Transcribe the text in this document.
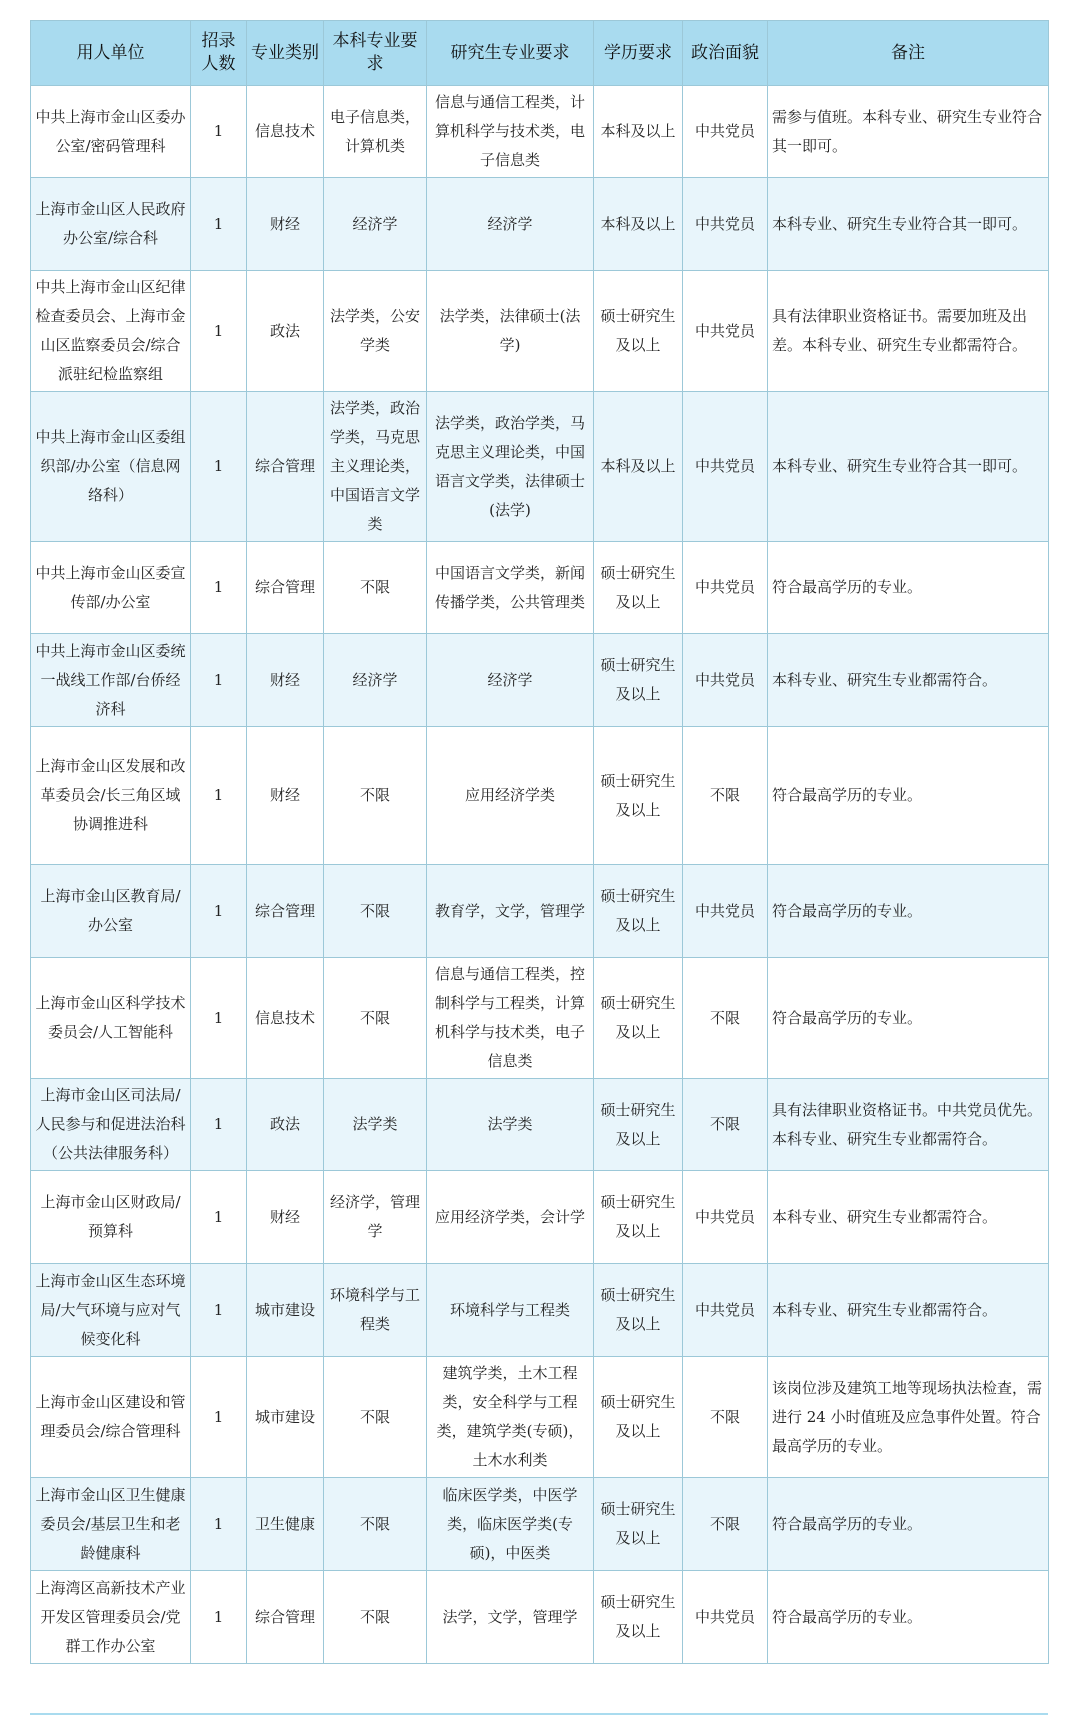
用人单位	招录人数	专业类别	本科专业要求	研究生专业要求	学历要求	政治面貌	备注
中共上海市金山区委办公室/密码管理科	1	信息技术	电子信息类，计算机类	信息与通信工程类，计算机科学与技术类，电子信息类	本科及以上	中共党员	需参与值班。本科专业、研究生专业符合其一即可。
上海市金山区人民政府办公室/综合科	1	财经	经济学	经济学	本科及以上	中共党员	本科专业、研究生专业符合其一即可。
中共上海市金山区纪律检查委员会、上海市金山区监察委员会/综合派驻纪检监察组	1	政法	法学类，公安学类	法学类，法律硕士(法学)	硕士研究生及以上	中共党员	具有法律职业资格证书。需要加班及出差。本科专业、研究生专业都需符合。
中共上海市金山区委组织部/办公室（信息网络科）	1	综合管理	法学类，政治学类，马克思主义理论类，中国语言文学类	法学类，政治学类，马克思主义理论类，中国语言文学类，法律硕士(法学)	本科及以上	中共党员	本科专业、研究生专业符合其一即可。
中共上海市金山区委宣传部/办公室	1	综合管理	不限	中国语言文学类，新闻传播学类，公共管理类	硕士研究生及以上	中共党员	符合最高学历的专业。
中共上海市金山区委统一战线工作部/台侨经济科	1	财经	经济学	经济学	硕士研究生及以上	中共党员	本科专业、研究生专业都需符合。
上海市金山区发展和改革委员会/长三角区域协调推进科	1	财经	不限	应用经济学类	硕士研究生及以上	不限	符合最高学历的专业。
上海市金山区教育局/办公室	1	综合管理	不限	教育学，文学，管理学	硕士研究生及以上	中共党员	符合最高学历的专业。
上海市金山区科学技术委员会/人工智能科	1	信息技术	不限	信息与通信工程类，控制科学与工程类，计算机科学与技术类，电子信息类	硕士研究生及以上	不限	符合最高学历的专业。
上海市金山区司法局/人民参与和促进法治科（公共法律服务科）	1	政法	法学类	法学类	硕士研究生及以上	不限	具有法律职业资格证书。中共党员优先。本科专业、研究生专业都需符合。
上海市金山区财政局/预算科	1	财经	经济学，管理学	应用经济学类，会计学	硕士研究生及以上	中共党员	本科专业、研究生专业都需符合。
上海市金山区生态环境局/大气环境与应对气候变化科	1	城市建设	环境科学与工程类	环境科学与工程类	硕士研究生及以上	中共党员	本科专业、研究生专业都需符合。
上海市金山区建设和管理委员会/综合管理科	1	城市建设	不限	建筑学类，土木工程类，安全科学与工程类，建筑学类(专硕)，土木水利类	硕士研究生及以上	不限	该岗位涉及建筑工地等现场执法检查，需进行 24 小时值班及应急事件处置。符合最高学历的专业。
上海市金山区卫生健康委员会/基层卫生和老龄健康科	1	卫生健康	不限	临床医学类，中医学类，临床医学类(专硕)，中医类	硕士研究生及以上	不限	符合最高学历的专业。
上海湾区高新技术产业开发区管理委员会/党群工作办公室	1	综合管理	不限	法学，文学，管理学	硕士研究生及以上	中共党员	符合最高学历的专业。
